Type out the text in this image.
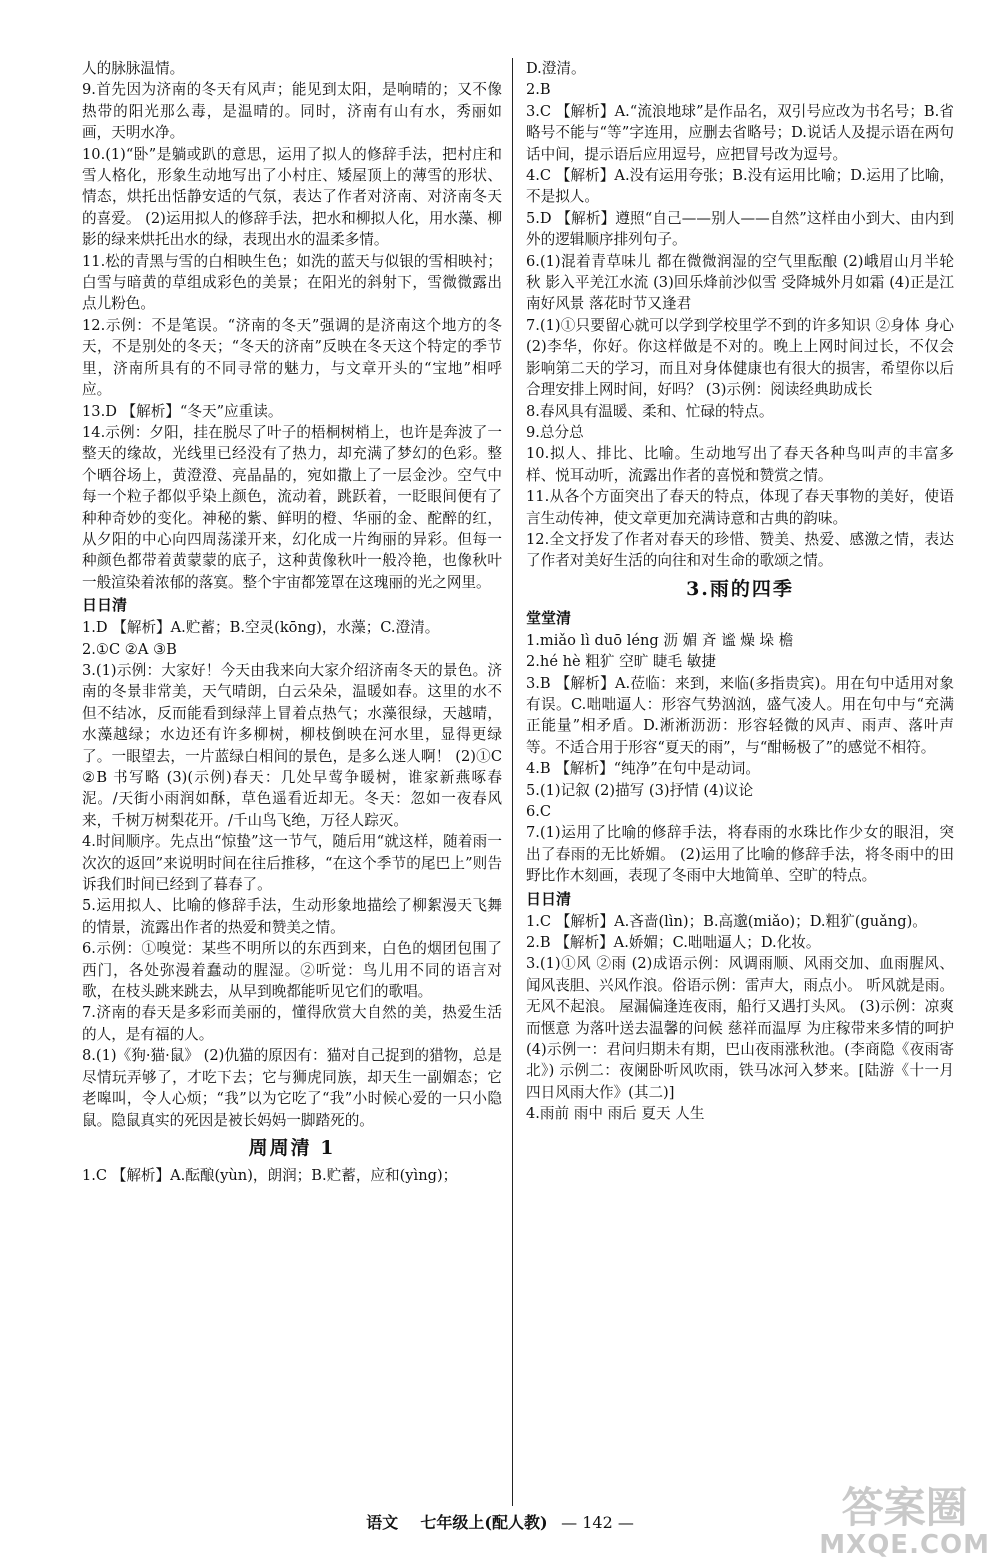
人的脉脉温情。
9.首先因为济南的冬天有风声；能见到太阳，是响晴的；又不像热带的阳光那么毒，是温晴的。同时，济南有山有水，秀丽如画，天明水净。
10.(1)“卧”是躺或趴的意思，运用了拟人的修辞手法，把村庄和雪人格化，形象生动地写出了小村庄、矮屋顶上的薄雪的形状、情态，烘托出恬静安适的气氛，表达了作者对济南、对济南冬天的喜爱。 (2)运用拟人的修辞手法，把水和柳拟人化，用水藻、柳影的绿来烘托出水的绿，表现出水的温柔多情。
11.松的青黑与雪的白相映生色；如洗的蓝天与似银的雪相映衬；白雪与暗黄的草组成彩色的美景；在阳光的斜射下，雪微微露出点儿粉色。
12.示例：不是笔误。“济南的冬天”强调的是济南这个地方的冬天，不是别处的冬天；“冬天的济南”反映在冬天这个特定的季节里，济南所具有的不同寻常的魅力，与文章开头的“宝地”相呼应。
13.D 【解析】“冬天”应重读。
14.示例：夕阳，挂在脱尽了叶子的梧桐树梢上，也许是奔波了一整天的缘故，光线里已经没有了热力，却充满了梦幻的色彩。整个晒谷场上，黄澄澄、亮晶晶的，宛如撒上了一层金沙。空气中每一个粒子都似乎染上颜色，流动着，跳跃着，一眨眼间便有了种种奇妙的变化。神秘的紫、鲜明的橙、华丽的金、酡醉的红，从夕阳的中心向四周荡漾开来，幻化成一片绚丽的异彩。但每一种颜色都带着黄蒙蒙的底子，这种黄像秋叶一般冷艳，也像秋叶一般渲染着浓郁的落寞。整个宇宙都笼罩在这瑰丽的光之网里。
日日清
1.D 【解析】A.贮蓄；B.空灵(kōng)，水藻；C.澄清。
2.①C ②A ③B
3.(1)示例：大家好！今天由我来向大家介绍济南冬天的景色。济南的冬景非常美，天气晴朗，白云朵朵，温暖如春。这里的水不但不结冰，反而能看到绿萍上冒着点热气；水藻很绿，天越晴，水藻越绿；水边还有许多柳树，柳枝倒映在河水里，显得更绿了。一眼望去，一片蓝绿白相间的景色，是多么迷人啊！ (2)①C ②B 书写略 (3)(示例)春天：几处早莺争暖树，谁家新燕啄春泥。/天街小雨润如酥，草色遥看近却无。冬天：忽如一夜春风来，千树万树梨花开。/千山鸟飞绝，万径人踪灭。
4.时间顺序。先点出“惊蛰”这一节气，随后用“就这样，随着雨一次次的返回”来说明时间在往后推移，“在这个季节的尾巴上”则告诉我们时间已经到了暮春了。
5.运用拟人、比喻的修辞手法，生动形象地描绘了柳絮漫天飞舞的情景，流露出作者的热爱和赞美之情。
6.示例：①嗅觉：某些不明所以的东西到来，白色的烟团包围了西门，各处弥漫着蠢动的腥湿。②听觉：鸟儿用不同的语言对歌，在枝头跳来跳去，从早到晚都能听见它们的歌唱。
7.济南的春天是多彩而美丽的，懂得欣赏大自然的美，热爱生活的人，是有福的人。
8.(1)《狗·猫·鼠》 (2)仇猫的原因有：猫对自己捉到的猎物，总是尽情玩弄够了，才吃下去；它与狮虎同族，却天生一副媚态；它老嗥叫，令人心烦；“我”以为它吃了“我”小时候心爱的一只小隐鼠。隐鼠真实的死因是被长妈妈一脚踏死的。
周周清 1
1.C 【解析】A.酝酿(yùn)，朗润；B.贮蓄，应和(yìng)；
D.澄清。
2.B
3.C 【解析】A.“流浪地球”是作品名，双引号应改为书名号；B.省略号不能与“等”字连用，应删去省略号；D.说话人及提示语在两句话中间，提示语后应用逗号，应把冒号改为逗号。
4.C 【解析】A.没有运用夸张；B.没有运用比喻；D.运用了比喻，不是拟人。
5.D 【解析】遵照“自己——别人——自然”这样由小到大、由内到外的逻辑顺序排列句子。
6.(1)混着青草味儿 都在微微润湿的空气里酝酿 (2)峨眉山月半轮秋 影入平羌江水流 (3)回乐烽前沙似雪 受降城外月如霜 (4)正是江南好风景 落花时节又逢君
7.(1)①只要留心就可以学到学校里学不到的许多知识 ②身体 身心 (2)李华，你好。你这样做是不对的。晚上上网时间过长，不仅会影响第二天的学习，而且对身体健康也有很大的损害，希望你以后合理安排上网时间，好吗？ (3)示例：阅读经典助成长
8.春风具有温暖、柔和、忙碌的特点。
9.总分总
10.拟人、排比、比喻。生动地写出了春天各种鸟叫声的丰富多样、悦耳动听，流露出作者的喜悦和赞赏之情。
11.从各个方面突出了春天的特点，体现了春天事物的美好，使语言生动传神，使文章更加充满诗意和古典的韵味。
12.全文抒发了作者对春天的珍惜、赞美、热爱、感激之情，表达了作者对美好生活的向往和对生命的歌颂之情。
3.雨的四季
堂堂清
1.miǎo lì duō léng 沥 媚 斉 谧 燥 垛 檐
2.hé hè 粗犷 空旷 睫毛 敏捷
3.B 【解析】A.莅临：来到，来临(多指贵宾)。用在句中适用对象有误。C.咄咄逼人：形容气势汹汹，盛气凌人。用在句中与“充满正能量”相矛盾。D.淅淅沥沥：形容轻微的风声、雨声、落叶声等。不适合用于形容“夏天的雨”，与“酣畅极了”的感觉不相符。
4.B 【解析】“纯净”在句中是动词。
5.(1)记叙 (2)描写 (3)抒情 (4)议论
6.C
7.(1)运用了比喻的修辞手法，将春雨的水珠比作少女的眼泪，突出了春雨的无比娇媚。 (2)运用了比喻的修辞手法，将冬雨中的田野比作木刻画，表现了冬雨中大地简单、空旷的特点。
日日清
1.C 【解析】A.吝啬(lìn)；B.高邈(miǎo)；D.粗犷(guǎng)。
2.B 【解析】A.娇媚；C.咄咄逼人；D.化妆。
3.(1)①风 ②雨 (2)成语示例：风调雨顺、风雨交加、血雨腥风、闻风丧胆、兴风作浪。俗语示例：雷声大，雨点小。 听风就是雨。 无风不起浪。 屋漏偏逢连夜雨，船行又遇打头风。 (3)示例：凉爽而惬意 为落叶送去温馨的问候 慈祥而温厚 为庄稼带来多情的呵护 (4)示例一：君问归期未有期，巴山夜雨涨秋池。(李商隐《夜雨寄北》) 示例二：夜阑卧听风吹雨，铁马冰河入梦来。[陆游《十一月四日风雨大作》(其二)]
4.雨前 雨中 雨后 夏天 人生
语文 七年级上(配人教) — 142 —	答案圈
MXQE.COM
